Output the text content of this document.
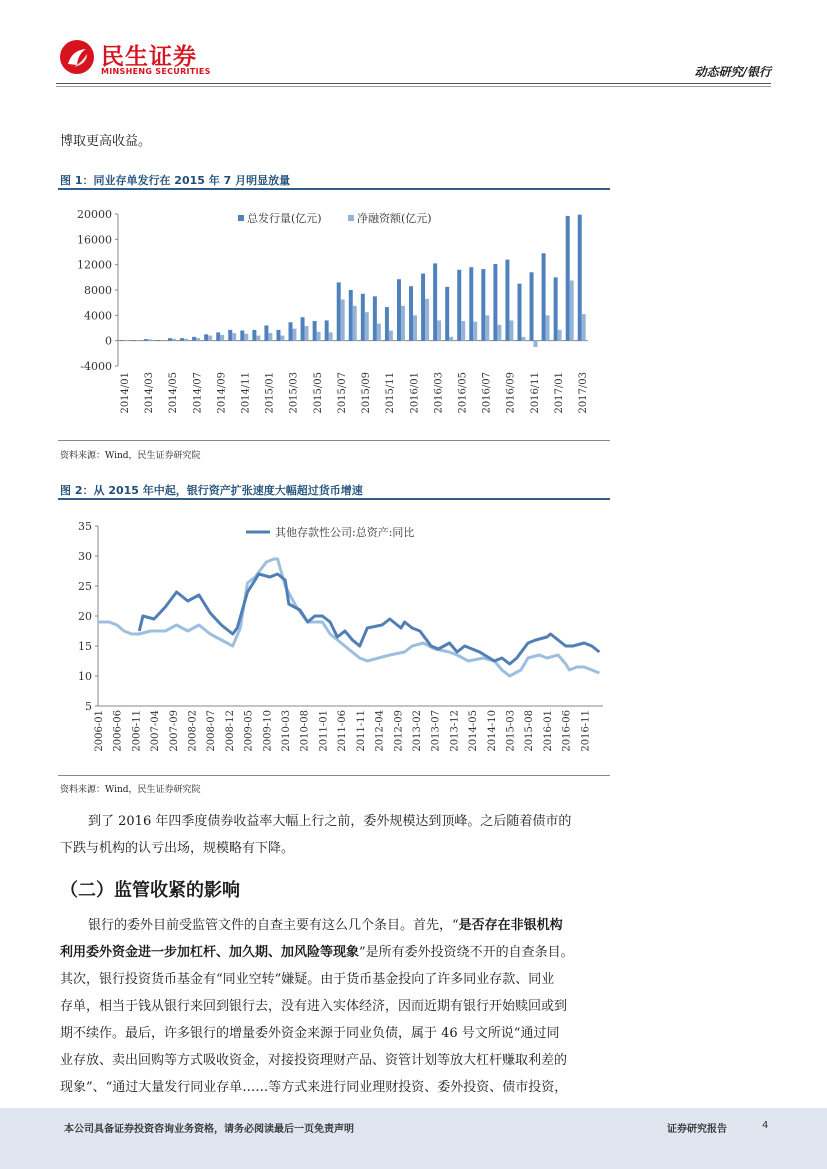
民生证券
MINSHENG SECURITIES	动态研究/银行
博取更高收益。
图 1：同业存单发行在 2015 年 7 月明显放量
-4000
0
4000
8000
12000
16000
20000
2014/01 2014/03 2014/05 2014/07 2014/09 2014/11 2015/01 2015/03 2015/05 2015/07 2015/09 2015/11 2016/01 2016/03 2016/05 2016/07 2016/09 2016/11 2017/01 2017/03
总发行量(亿元)	净融资额(亿元)
资料来源：Wind，民生证券研究院
图 2：从 2015 年中起，银行资产扩张速度大幅超过货币增速
5
10
15
20
25
30
35
2006-01 2006-06 2006-11 2007-04 2007-09 2008-02 2008-07 2008-12 2009-05 2009-10 2010-03 2010-08 2011-01 2011-06 2011-11 2012-04 2012-09 2013-02 2013-07 2013-12 2014-05 2014-10 2015-03 2015-08 2016-01 2016-06 2016-11
其他存款性公司:总资产:同比
资料来源：Wind，民生证券研究院
到了 2016 年四季度债券收益率大幅上行之前，委外规模达到顶峰。之后随着债市的
下跌与机构的认亏出场，规模略有下降。
（二）监管收紧的影响
银行的委外目前受监管文件的自查主要有这么几个条目。首先，“是否存在非银机构
利用委外资金进一步加杠杆、加久期、加风险等现象”是所有委外投资绕不开的自查条目。
其次，银行投资货币基金有“同业空转”嫌疑。由于货币基金投向了许多同业存款、同业
存单，相当于钱从银行来回到银行去，没有进入实体经济，因而近期有银行开始赎回或到
期不续作。最后，许多银行的增量委外资金来源于同业负债，属于 46 号文所说“通过同
业存放、卖出回购等方式吸收资金，对接投资理财产品、资管计划等放大杠杆赚取利差的
现象”、“通过大量发行同业存单……等方式来进行同业理财投资、委外投资、债市投资，
本公司具备证券投资咨询业务资格，请务必阅读最后一页免责声明	证券研究报告	4
